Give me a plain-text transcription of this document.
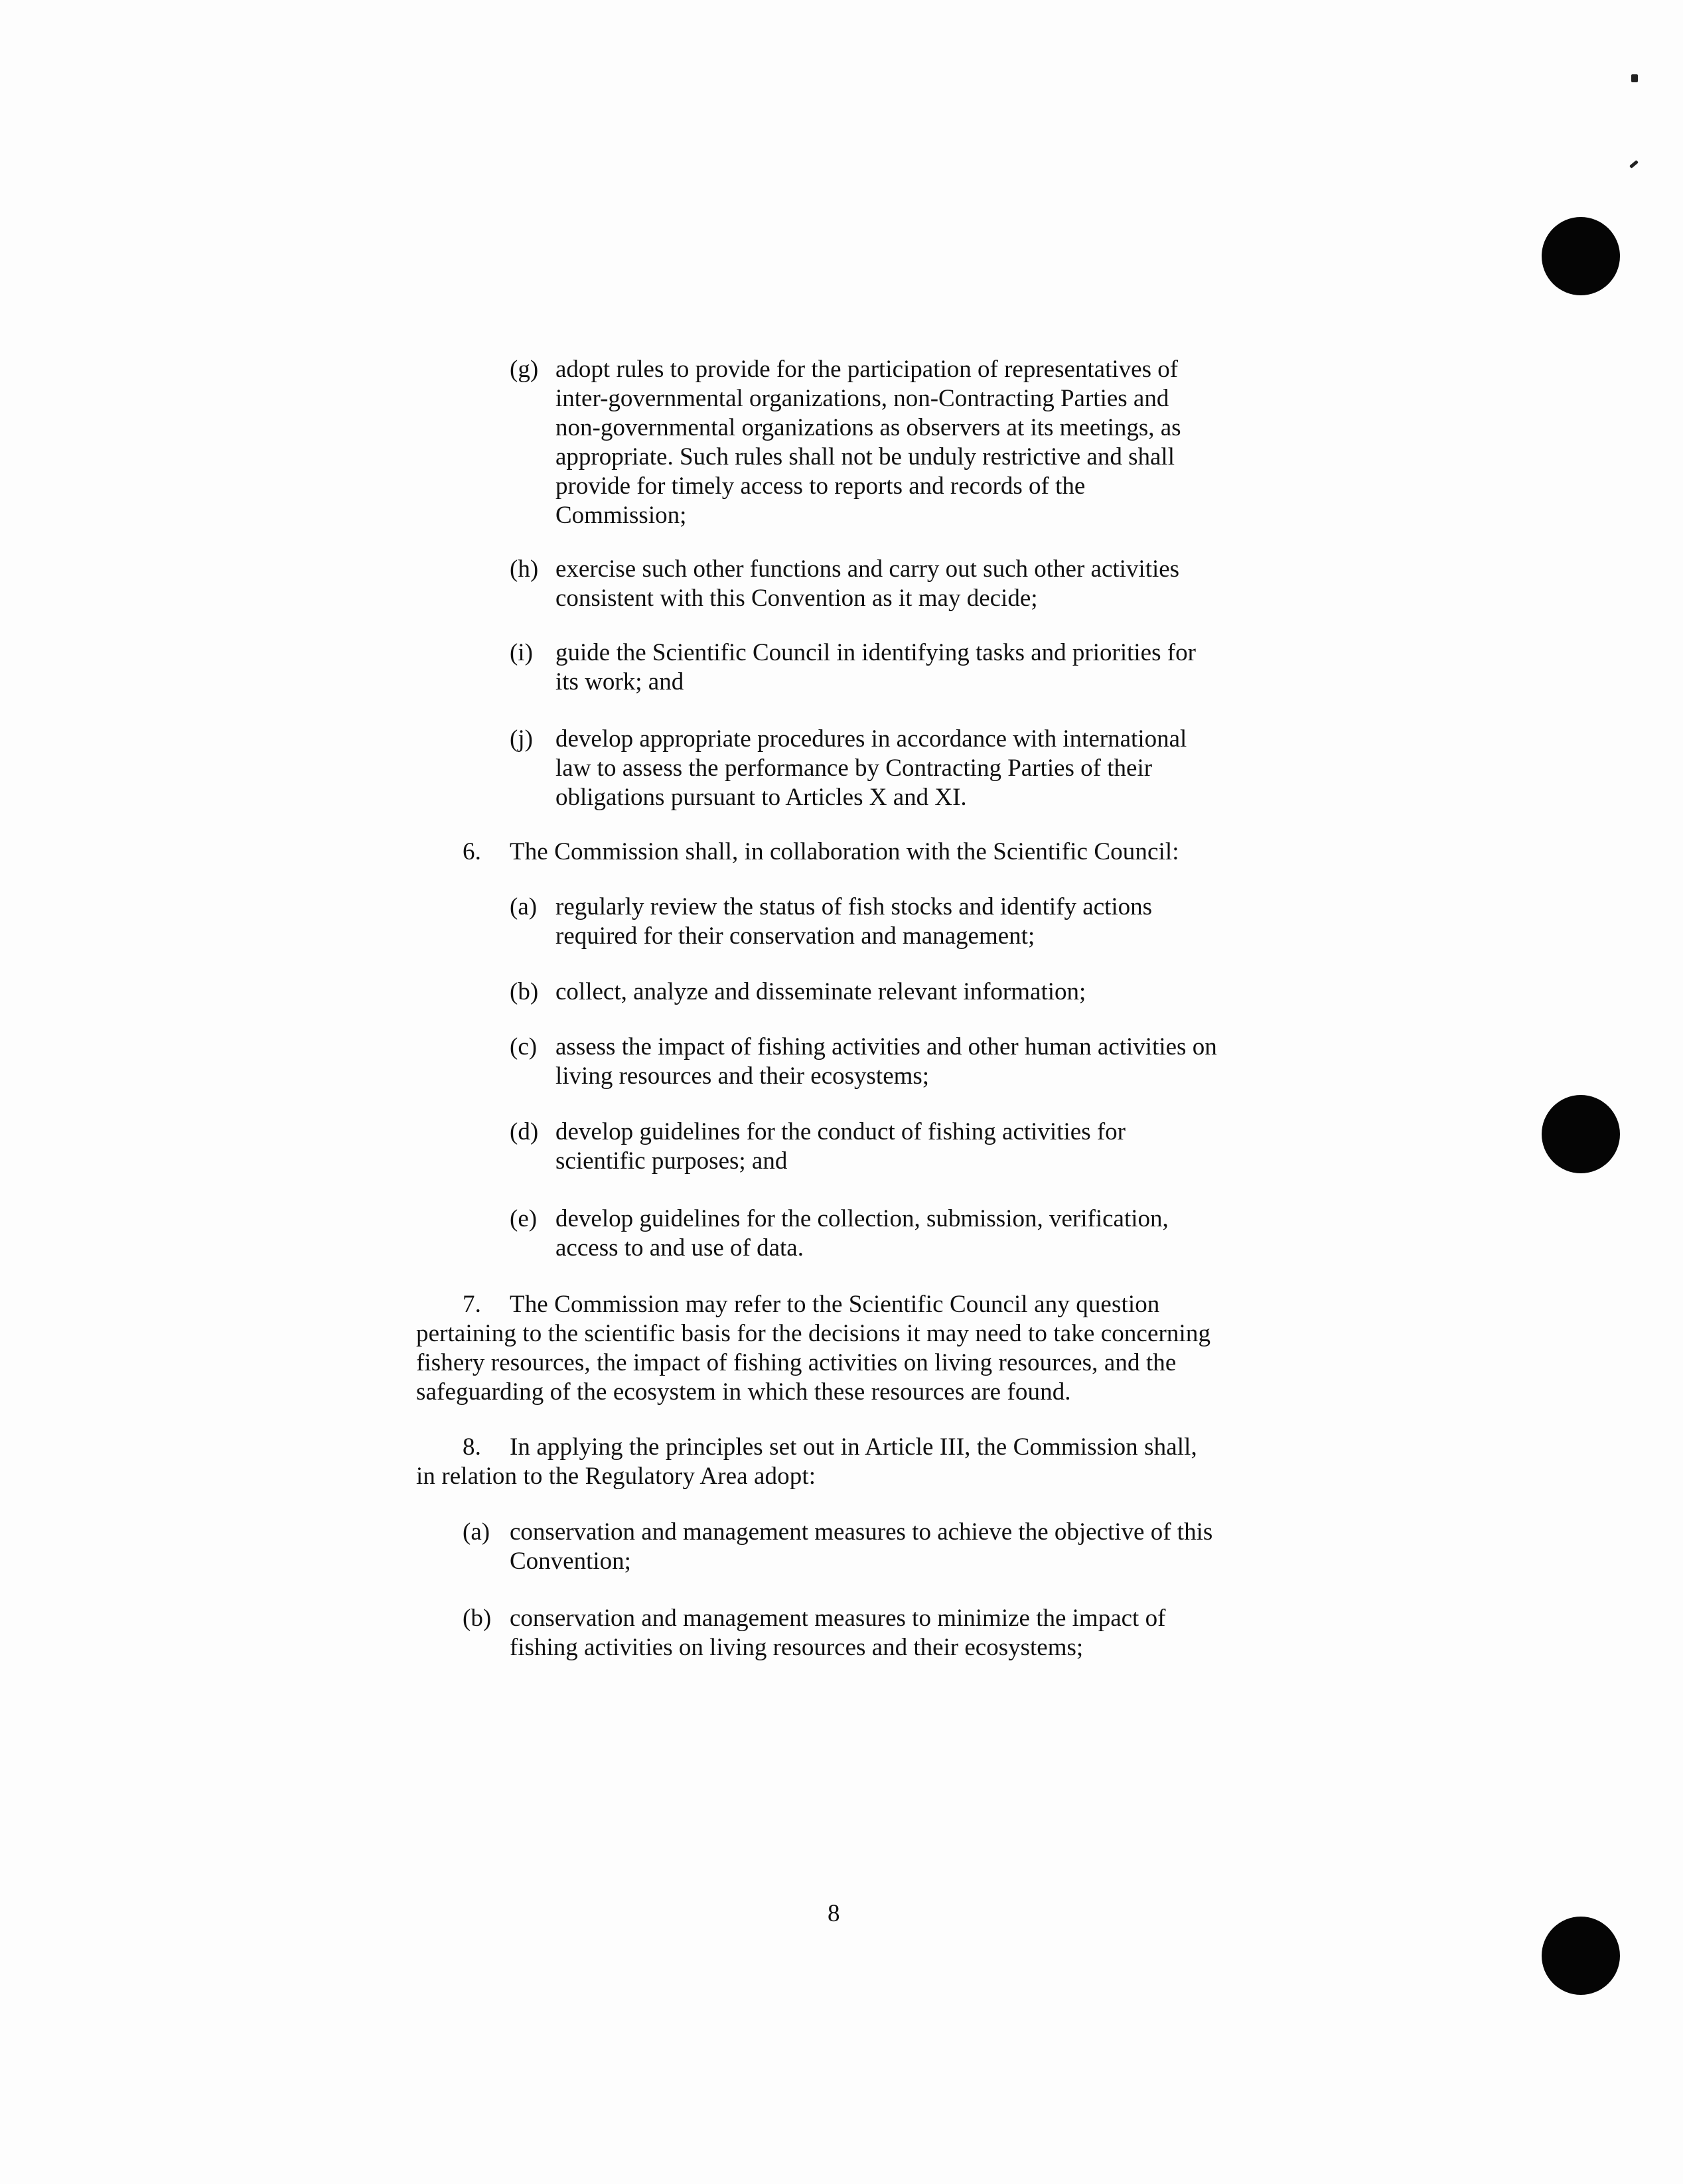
(g) adopt rules to provide for the participation of representatives of
inter-governmental organizations, non-Contracting Parties and
non-governmental organizations as observers at its meetings, as
appropriate. Such rules shall not be unduly restrictive and shall
provide for timely access to reports and records of the
Commission;
(h) exercise such other functions and carry out such other activities
consistent with this Convention as it may decide;
(i) guide the Scientific Council in identifying tasks and priorities for
its work; and
(j) develop appropriate procedures in accordance with international
law to assess the performance by Contracting Parties of their
obligations pursuant to Articles X and XI.
6. The Commission shall, in collaboration with the Scientific Council:
(a) regularly review the status of fish stocks and identify actions
required for their conservation and management;
(b) collect, analyze and disseminate relevant information;
(c) assess the impact of fishing activities and other human activities on
living resources and their ecosystems;
(d) develop guidelines for the conduct of fishing activities for
scientific purposes; and
(e) develop guidelines for the collection, submission, verification,
access to and use of data.
7. The Commission may refer to the Scientific Council any question
pertaining to the scientific basis for the decisions it may need to take concerning
fishery resources, the impact of fishing activities on living resources, and the
safeguarding of the ecosystem in which these resources are found.
8. In applying the principles set out in Article III, the Commission shall,
in relation to the Regulatory Area adopt:
(a) conservation and management measures to achieve the objective of this
Convention;
(b) conservation and management measures to minimize the impact of
fishing activities on living resources and their ecosystems;
8
